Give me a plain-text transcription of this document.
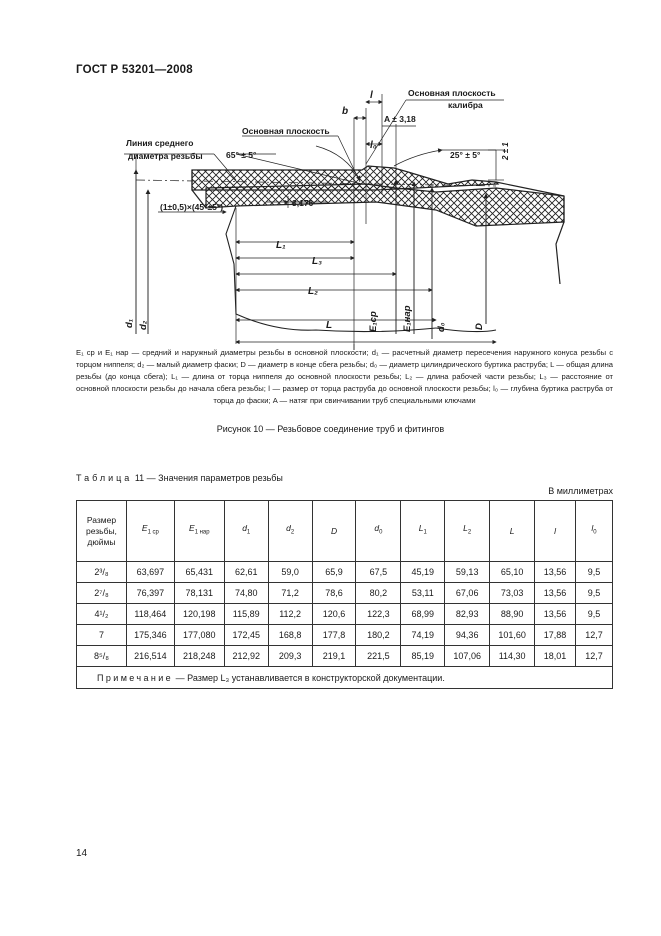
ГОСТ Р 53201—2008
Основная плоскость
калибра
Линия среднего
диаметра резьбы
Основная плоскость
65° ± 5°	25° ± 5°
A ± 3,18
3,176
(1±0,5)×(45°±5°)
l
b
l₀
L₁
L₃
L₂
L
d₁ d₂	E₁ср E₁нар d₀	D
2 ± 1
E₁ ср и E₁ нар — средний и наружный диаметры резьбы в основной плоскости; d₁ — расчетный диаметр пересечения наружного конуса резьбы с торцом ниппеля; d₂ — малый диаметр фаски; D — диаметр в конце сбега резьбы; d₀ — диаметр цилиндрического буртика раструба; L — общая длина резьбы (до конца сбега); L₁ — длина от торца ниппеля до основной плоскости резьбы; L₂ — длина рабочей части резьбы; L₃ — расстояние от основной плоскости резьбы до начала сбега резьбы; l — размер от торца раструба до основной плоскости резьбы; l₀ — глубина буртика раструба от торца до фаски; A — натяг при свинчивании труб специальными ключами
Рисунок 10 — Резьбовое соединение труб и фитингов
Таблица 11 — Значения параметров резьбы
В миллиметрах
Размер
резьбы,
дюймы	$E_{1 ср}$	$E_{1 нар}$	$d_1$	$d_2$	D	$d_0$	$L_1$	$L_2$	L	l	$l_0$
2³/₈	63,697	65,431	62,61	59,0	65,9	67,5	45,19	59,13	65,10	13,56	9,5
2⁷/₈	76,397	78,131	74,80	71,2	78,6	80,2	53,11	67,06	73,03	13,56	9,5
4¹/₂	118,464	120,198	115,89	112,2	120,6	122,3	68,99	82,93	88,90	13,56	9,5
7	175,346	177,080	172,45	168,8	177,8	180,2	74,19	94,36	101,60	17,88	12,7
8⁵/₈	216,514	218,248	212,92	209,3	219,1	221,5	85,19	107,06	114,30	18,01	12,7
Примечание — Размер L₃ устанавливается в конструкторской документации.											
14
